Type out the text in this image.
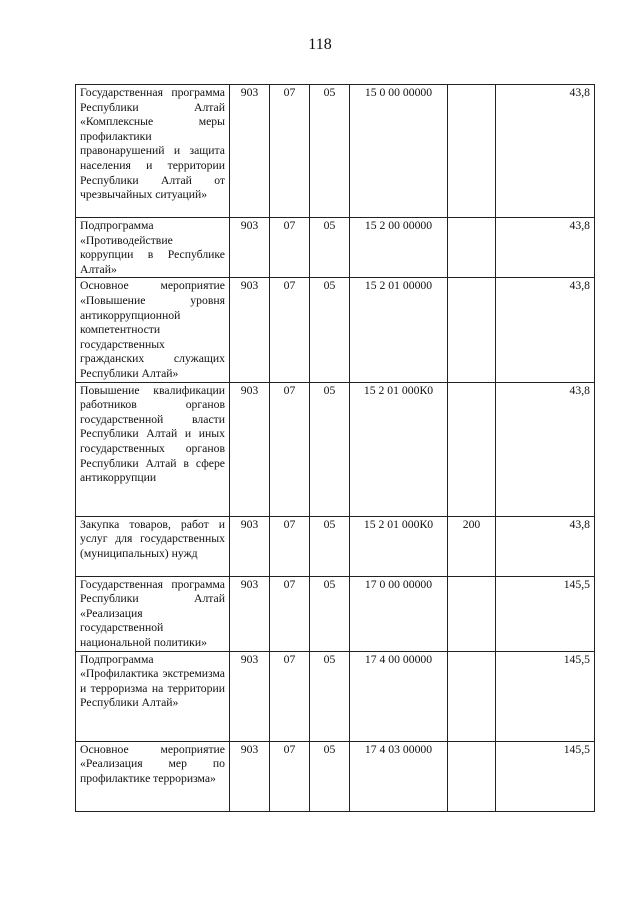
118
Государственная программа Республики Алтай «Комплексные меры профилактики правонарушений и защита населения и территории Республики Алтай от чрезвычайных ситуаций»	903	07	05	15 0 00 00000		43,8
Подпрограмма «Противодействие коррупции в Республике Алтай»	903	07	05	15 2 00 00000		43,8
Основное мероприятие «Повышение уровня антикоррупционной компетентности государственных гражданских служащих Республики Алтай»	903	07	05	15 2 01 00000		43,8
Повышение квалификации работников органов государственной власти Республики Алтай и иных государственных органов Республики Алтай в сфере антикоррупции	903	07	05	15 2 01 000К0		43,8
Закупка товаров, работ и услуг для государственных (муниципальных) нужд	903	07	05	15 2 01 000К0	200	43,8
Государственная программа Республики Алтай «Реализация государственной национальной политики»	903	07	05	17 0 00 00000		145,5
Подпрограмма «Профилактика экстремизма и терроризма на территории Республики Алтай»	903	07	05	17 4 00 00000		145,5
Основное мероприятие «Реализация мер по профилактике терроризма»	903	07	05	17 4 03 00000		145,5
